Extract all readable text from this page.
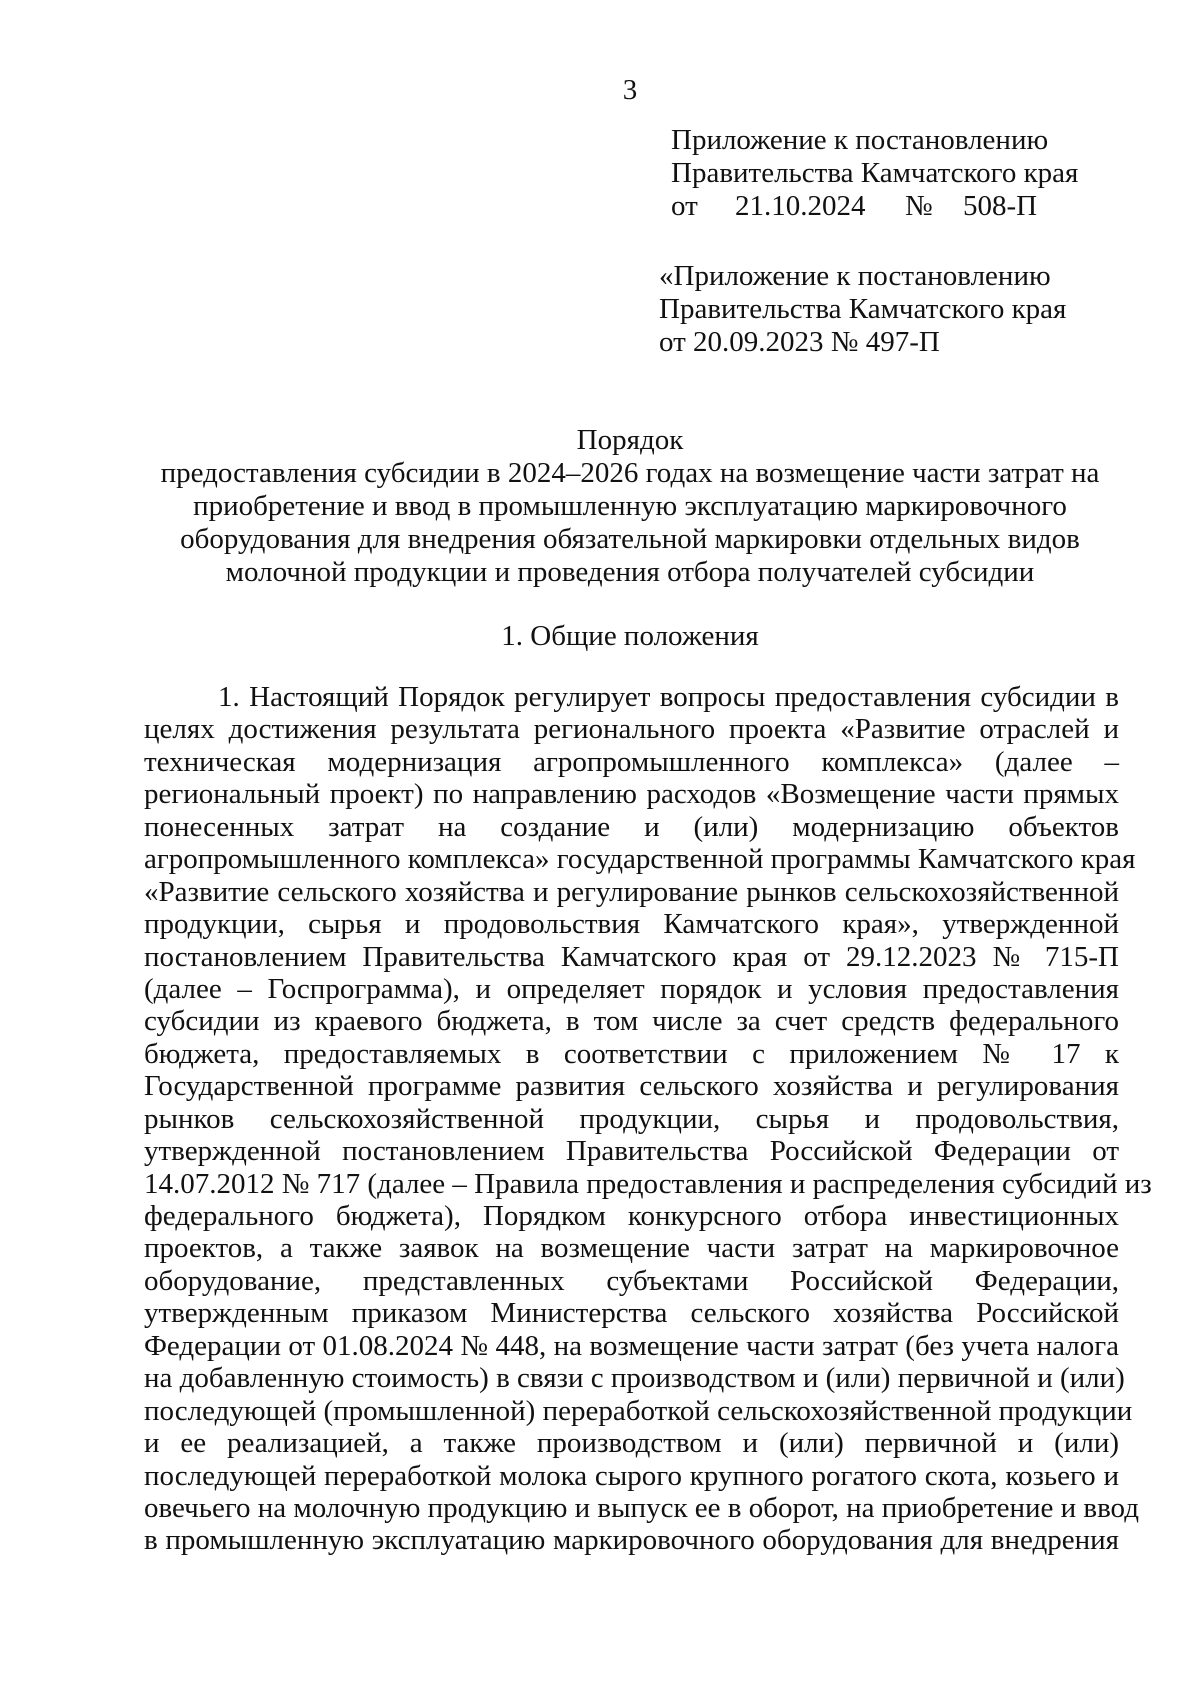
3
Приложение к постановлению
Правительства Камчатского края
от 21.10.2024 № 508-П
«Приложение к постановлению
Правительства Камчатского края
от 20.09.2023 № 497-П
Порядок
предоставления субсидии в 2024–2026 годах на возмещение части затрат на
приобретение и ввод в промышленную эксплуатацию маркировочного
оборудования для внедрения обязательной маркировки отдельных видов
молочной продукции и проведения отбора получателей субсидии
1. Общие положения
1. Настоящий Порядок регулирует вопросы предоставления субсидии в
целях достижения результата регионального проекта «Развитие отраслей и
техническая модернизация агропромышленного комплекса» (далее –
региональный проект) по направлению расходов «Возмещение части прямых
понесенных затрат на создание и (или) модернизацию объектов
агропромышленного комплекса» государственной программы Камчатского края
«Развитие сельского хозяйства и регулирование рынков сельскохозяйственной
продукции, сырья и продовольствия Камчатского края», утвержденной
постановлением Правительства Камчатского края от 29.12.2023 № 715-П
(далее – Госпрограмма), и определяет порядок и условия предоставления
субсидии из краевого бюджета, в том числе за счет средств федерального
бюджета, предоставляемых в соответствии с приложением № 17 к
Государственной программе развития сельского хозяйства и регулирования
рынков сельскохозяйственной продукции, сырья и продовольствия,
утвержденной постановлением Правительства Российской Федерации от
14.07.2012 № 717 (далее – Правила предоставления и распределения субсидий из
федерального бюджета), Порядком конкурсного отбора инвестиционных
проектов, а также заявок на возмещение части затрат на маркировочное
оборудование, представленных субъектами Российской Федерации,
утвержденным приказом Министерства сельского хозяйства Российской
Федерации от 01.08.2024 № 448, на возмещение части затрат (без учета налога
на добавленную стоимость) в связи с производством и (или) первичной и (или)
последующей (промышленной) переработкой сельскохозяйственной продукции
и ее реализацией, а также производством и (или) первичной и (или)
последующей переработкой молока сырого крупного рогатого скота, козьего и
овечьего на молочную продукцию и выпуск ее в оборот, на приобретение и ввод
в промышленную эксплуатацию маркировочного оборудования для внедрения
